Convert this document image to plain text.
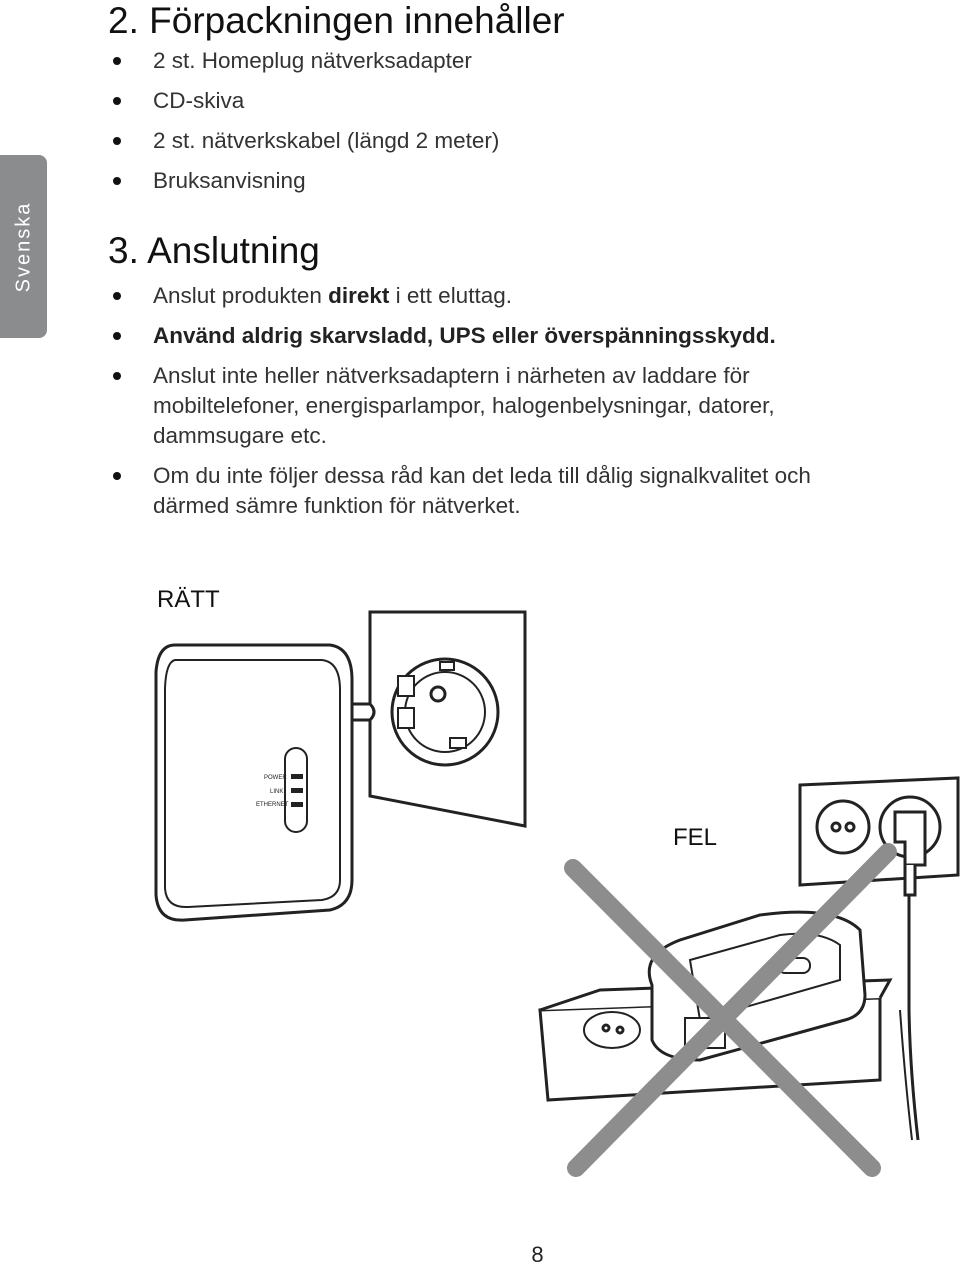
Svenska
2. Förpackningen innehåller
2 st. Homeplug nätverksadapter
CD-skiva
2 st. nätverkskabel (längd 2 meter)
Bruksanvisning
3. Anslutning
Anslut produkten direkt i ett eluttag.
Använd aldrig skarvsladd, UPS eller överspänningsskydd.
Anslut inte heller nätverksadaptern i närheten av laddare för mobiltelefoner, energisparlampor, halogenbelysningar, datorer, dammsugare etc.
Om du inte följer dessa råd kan det leda till dålig signalkvalitet och därmed sämre funktion för nätverket.
RÄTT
FEL
POWER
LINK
ETHERNET
8
